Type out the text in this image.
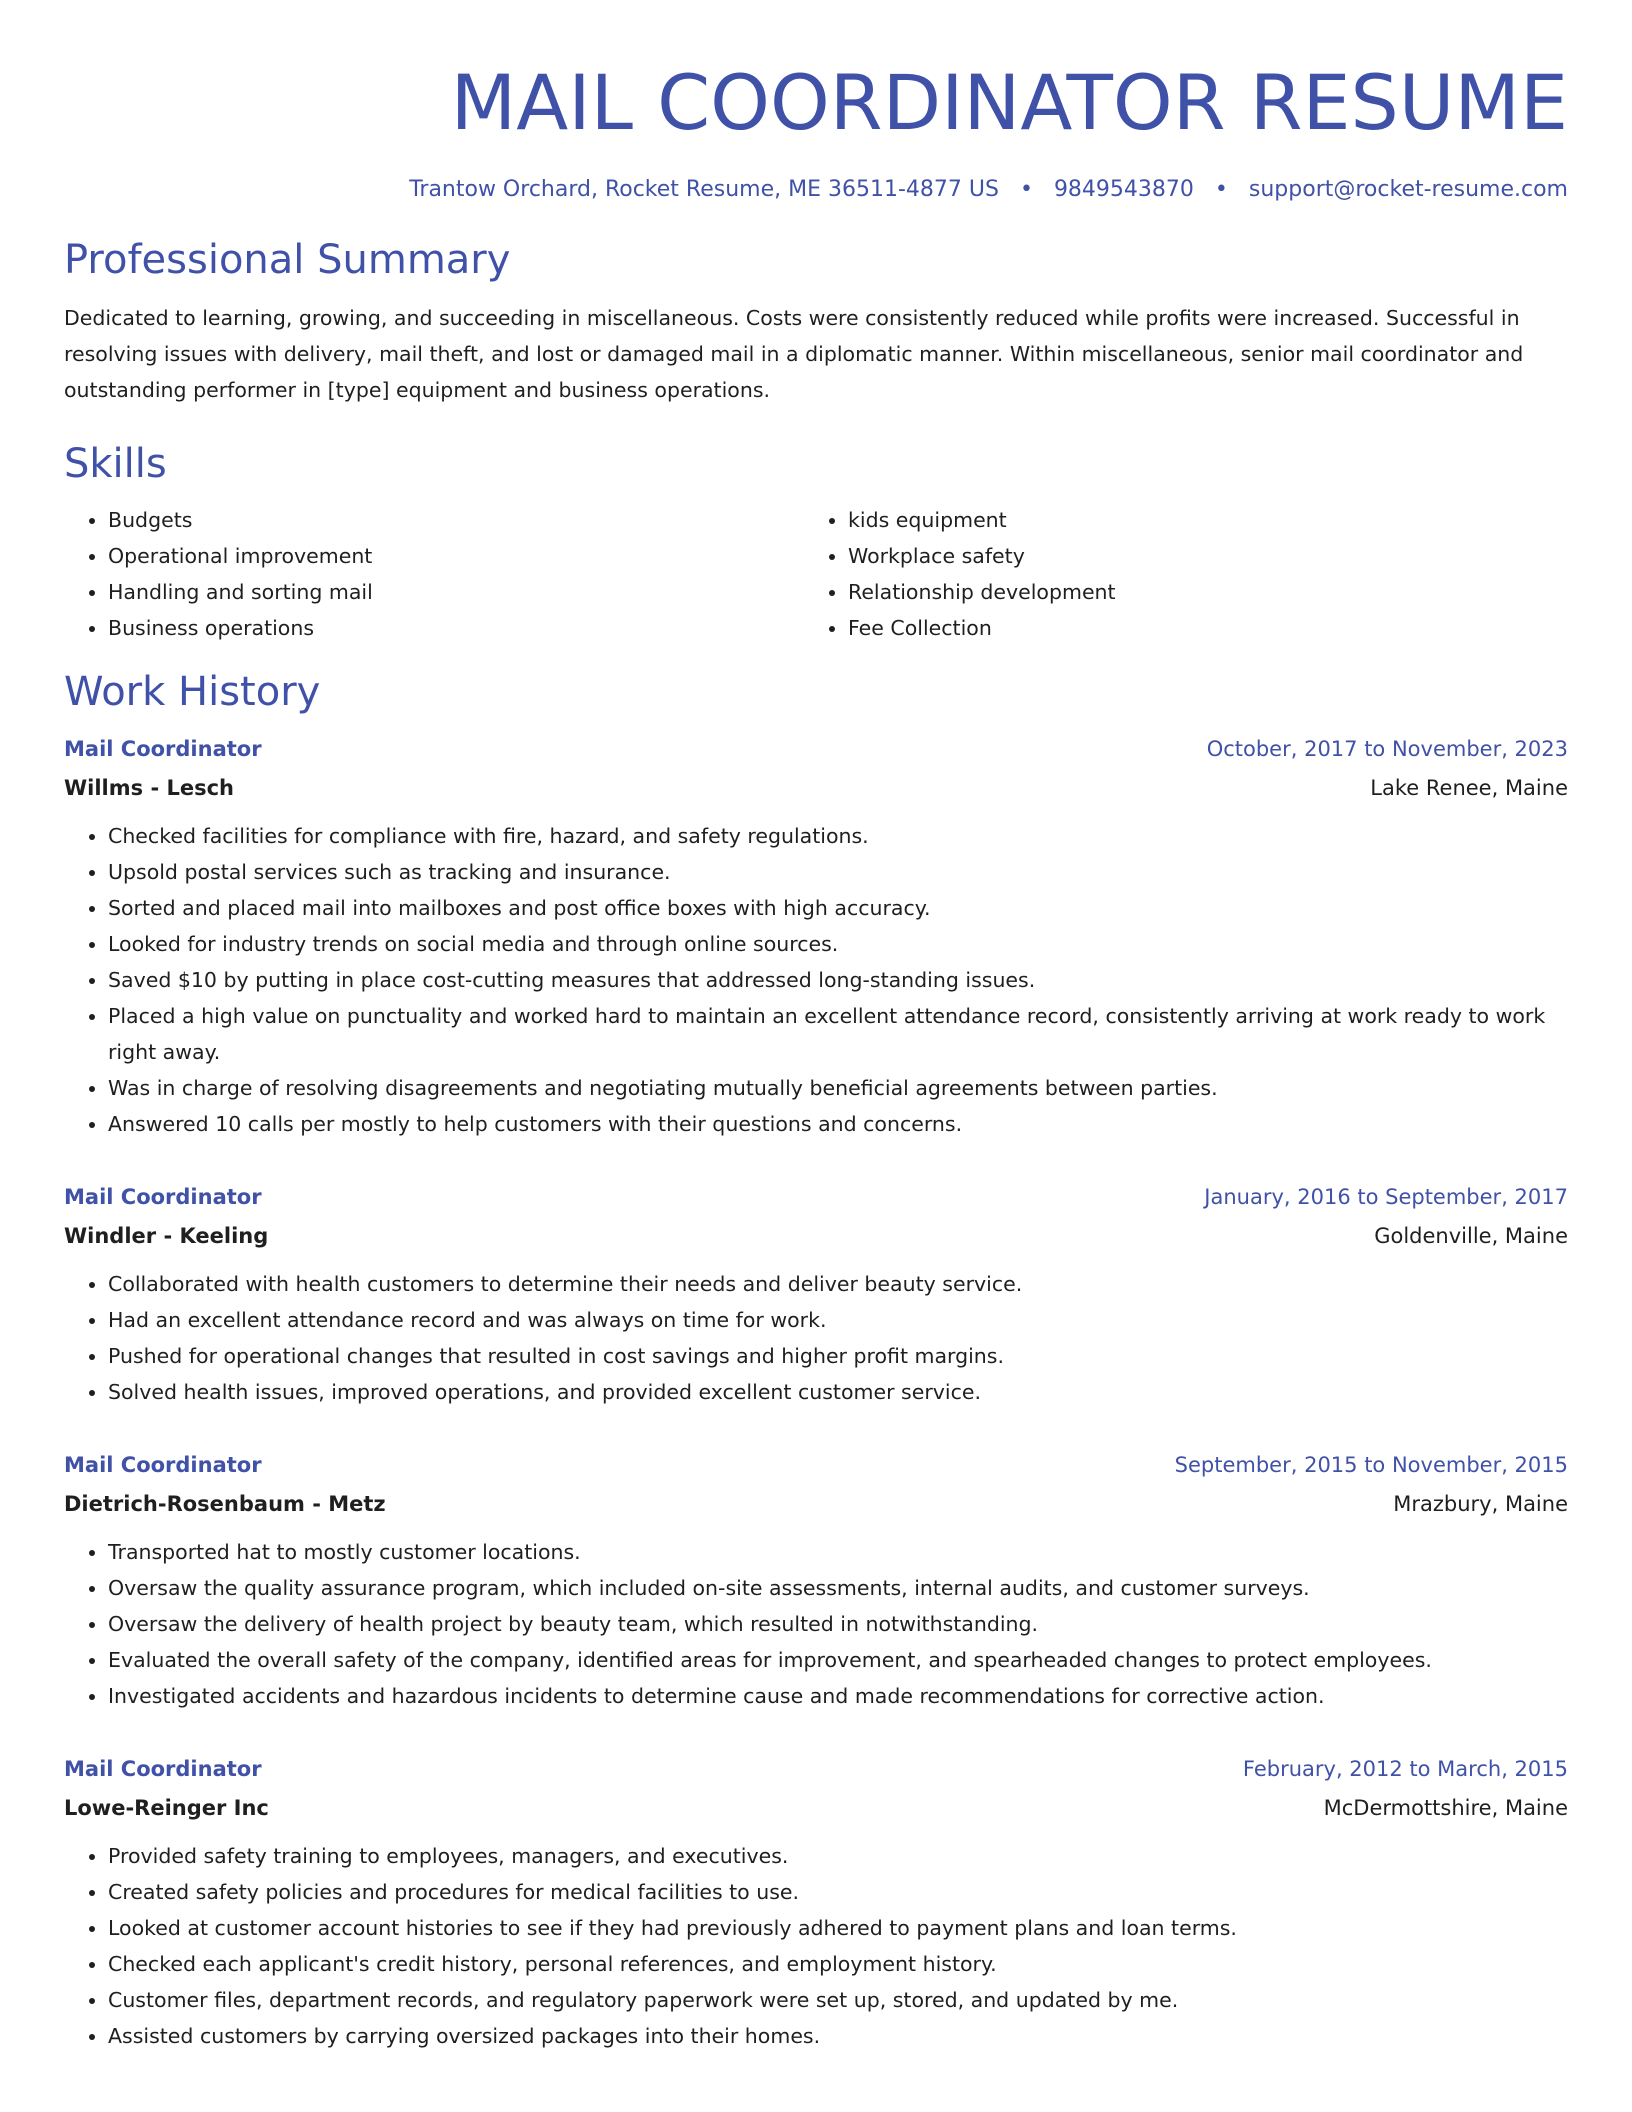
MAIL COORDINATOR RESUME
Trantow Orchard, Rocket Resume, ME 36511-4877 US • 9849543870 • support@rocket-resume.com
Professional Summary

Dedicated to learning, growing, and succeeding in miscellaneous. Costs were consistently reduced while profits were increased. Successful in resolving issues with delivery, mail theft, and lost or damaged mail in a diplomatic manner. Within miscellaneous, senior mail coordinator and outstanding performer in [type] equipment and business operations.

Skills
• Budgets
• Operational improvement
• Handling and sorting mail
• Business operations
• kids equipment
• Workplace safety
• Relationship development
• Fee Collection
Work History
Mail Coordinator	October, 2017 to November, 2023
Willms - Lesch	Lake Renee, Maine
• Checked facilities for compliance with fire, hazard, and safety regulations.
• Upsold postal services such as tracking and insurance.
• Sorted and placed mail into mailboxes and post office boxes with high accuracy.
• Looked for industry trends on social media and through online sources.
• Saved $10 by putting in place cost-cutting measures that addressed long-standing issues.
• Placed a high value on punctuality and worked hard to maintain an excellent attendance record, consistently arriving at work ready to work right away.
• Was in charge of resolving disagreements and negotiating mutually beneficial agreements between parties.
• Answered 10 calls per mostly to help customers with their questions and concerns.
Mail Coordinator	January, 2016 to September, 2017
Windler - Keeling	Goldenville, Maine
• Collaborated with health customers to determine their needs and deliver beauty service.
• Had an excellent attendance record and was always on time for work.
• Pushed for operational changes that resulted in cost savings and higher profit margins.
• Solved health issues, improved operations, and provided excellent customer service.
Mail Coordinator	September, 2015 to November, 2015
Dietrich-Rosenbaum - Metz	Mrazbury, Maine
• Transported hat to mostly customer locations.
• Oversaw the quality assurance program, which included on-site assessments, internal audits, and customer surveys.
• Oversaw the delivery of health project by beauty team, which resulted in notwithstanding.
• Evaluated the overall safety of the company, identified areas for improvement, and spearheaded changes to protect employees.
• Investigated accidents and hazardous incidents to determine cause and made recommendations for corrective action.
Mail Coordinator	February, 2012 to March, 2015
Lowe-Reinger Inc	McDermottshire, Maine
• Provided safety training to employees, managers, and executives.
• Created safety policies and procedures for medical facilities to use.
• Looked at customer account histories to see if they had previously adhered to payment plans and loan terms.
• Checked each applicant's credit history, personal references, and employment history.
• Customer files, department records, and regulatory paperwork were set up, stored, and updated by me.
• Assisted customers by carrying oversized packages into their homes.
